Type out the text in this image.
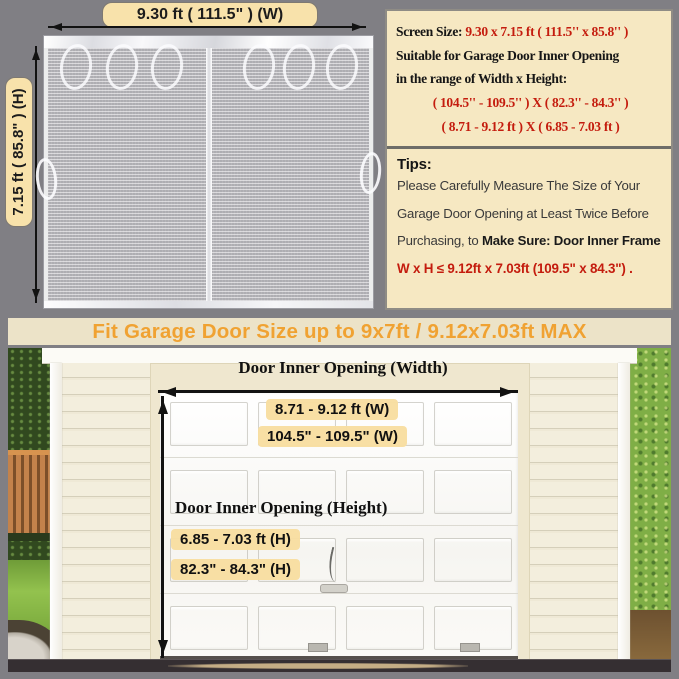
9.30 ft ( 111.5" ) (W)
7.15 ft ( 85.8" ) (H)
Screen Size: 9.30 x 7.15 ft ( 111.5'' x 85.8'' )
Suitable for Garage Door Inner Opening
in the range of Width x Height:
( 104.5'' - 109.5'' ) X ( 82.3'' - 84.3'' )
( 8.71 - 9.12 ft ) X ( 6.85 - 7.03 ft )

Tips:

Please Carefully Measure The Size of Your

Garage Door Opening at Least Twice Before

Purchasing, to Make Sure: Door Inner Frame

W x H ≤ 9.12ft x 7.03ft (109.5" x 84.3") .

Fit Garage Door Size up to 9x7ft / 9.12x7.03ft MAX
Door Inner Opening (Width)
8.71 - 9.12 ft (W)
104.5" - 109.5" (W)
Door Inner Opening (Height)
6.85 - 7.03 ft (H)
82.3" - 84.3" (H)
